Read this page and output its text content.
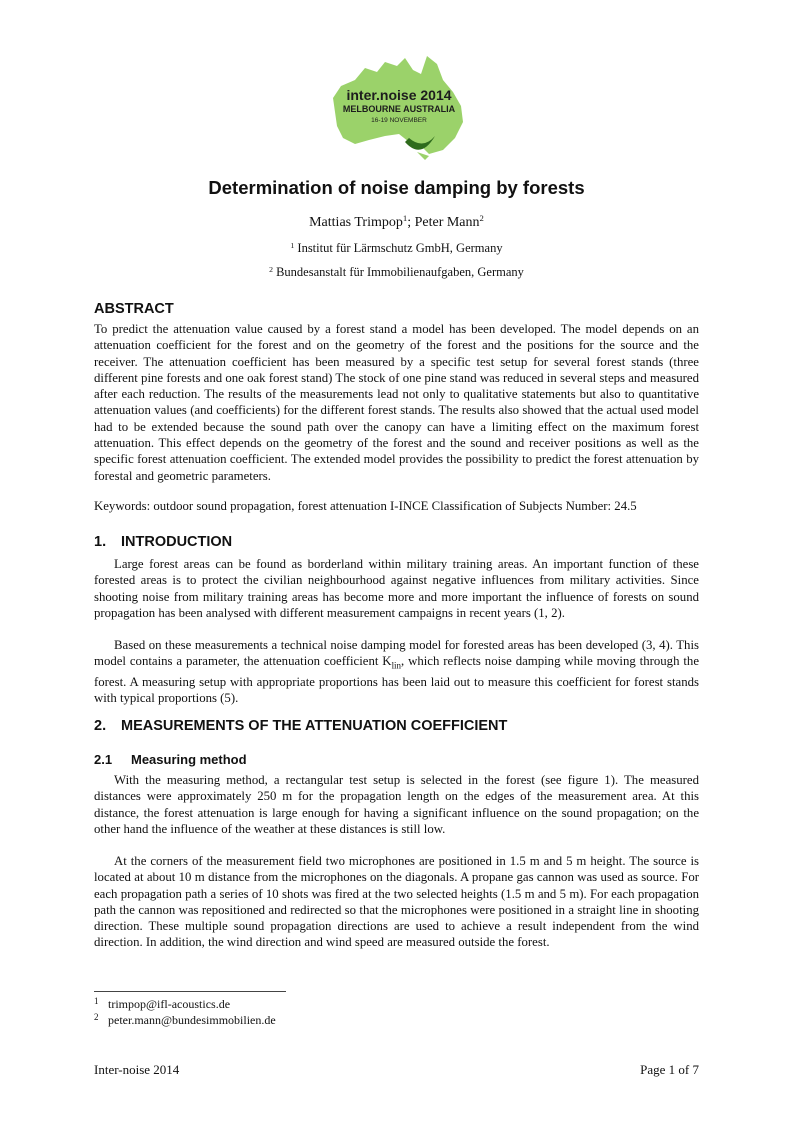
inter.noise 2014
MELBOURNE AUSTRALIA
16-19 NOVEMBER
Determination of noise damping by forests
Mattias Trimpop$^1$; Peter Mann$^2$
$^1$ Institut für Lärmschutz GmbH, Germany
$^2$ Bundesanstalt für Immobilienaufgaben, Germany
ABSTRACT

To predict the attenuation value caused by a forest stand a model has been developed. The model depends on an attenuation coefficient for the forest and on the geometry of the forest and the positions for the source and the receiver. The attenuation coefficient has been measured by a specific test setup for several forest stands (three different pine forests and one oak forest stand) The stock of one pine stand was reduced in several steps and measured after each reduction. The results of the measurements lead not only to qualitative statements but also to quantitative attenuation values (and coefficients) for the different forest stands. The results also showed that the actual used model had to be extended because the sound path over the canopy can have a limiting effect on the maximum forest attenuation. This effect depends on the geometry of the forest and the sound and receiver positions as well as the specific forest attenuation coefficient. The extended model provides the possibility to predict the forest attenuation by forestal and geometric parameters.

Keywords: outdoor sound propagation, forest attenuation I-INCE Classification of Subjects Number: 24.5

1. INTRODUCTION

Large forest areas can be found as borderland within military training areas. An important function of these forested areas is to protect the civilian neighbourhood against negative influences from military activities. Since shooting noise from military training areas has become more and more important the influence of forests on sound propagation has been analysed with different measurement campaigns in recent years (1, 2).

Based on these measurements a technical noise damping model for forested areas has been developed (3, 4). This model contains a parameter, the attenuation coefficient $K_{lin}$, which reflects noise damping while moving through the forest. A measuring setup with appropriate proportions has been laid out to measure this coefficient for forest stands with typical proportions (5).

2. MEASUREMENTS OF THE ATTENUATION COEFFICIENT
2.1 Measuring method

With the measuring method, a rectangular test setup is selected in the forest (see figure 1). The measured distances were approximately 250 m for the propagation length on the edges of the measurement area. At this distance, the forest attenuation is large enough for having a significant influence on the sound propagation; on the other hand the influence of the weather at these distances is still low.

At the corners of the measurement field two microphones are positioned in 1.5 m and 5 m height. The source is located at about 10 m distance from the microphones on the diagonals. A propane gas cannon was used as source. For each propagation path a series of 10 shots was fired at the two selected heights (1.5 m and 5 m). For each propagation path the cannon was repositioned and redirected so that the microphones were positioned in a straight line in shooting direction. These multiple sound propagation directions are used to achieve a result independent from the wind direction. In addition, the wind direction and wind speed are measured outside the forest.

1 trimpop@ifl-acoustics.de
2 peter.mann@bundesimmobilien.de
Inter-noise 2014	Page 1 of 7
